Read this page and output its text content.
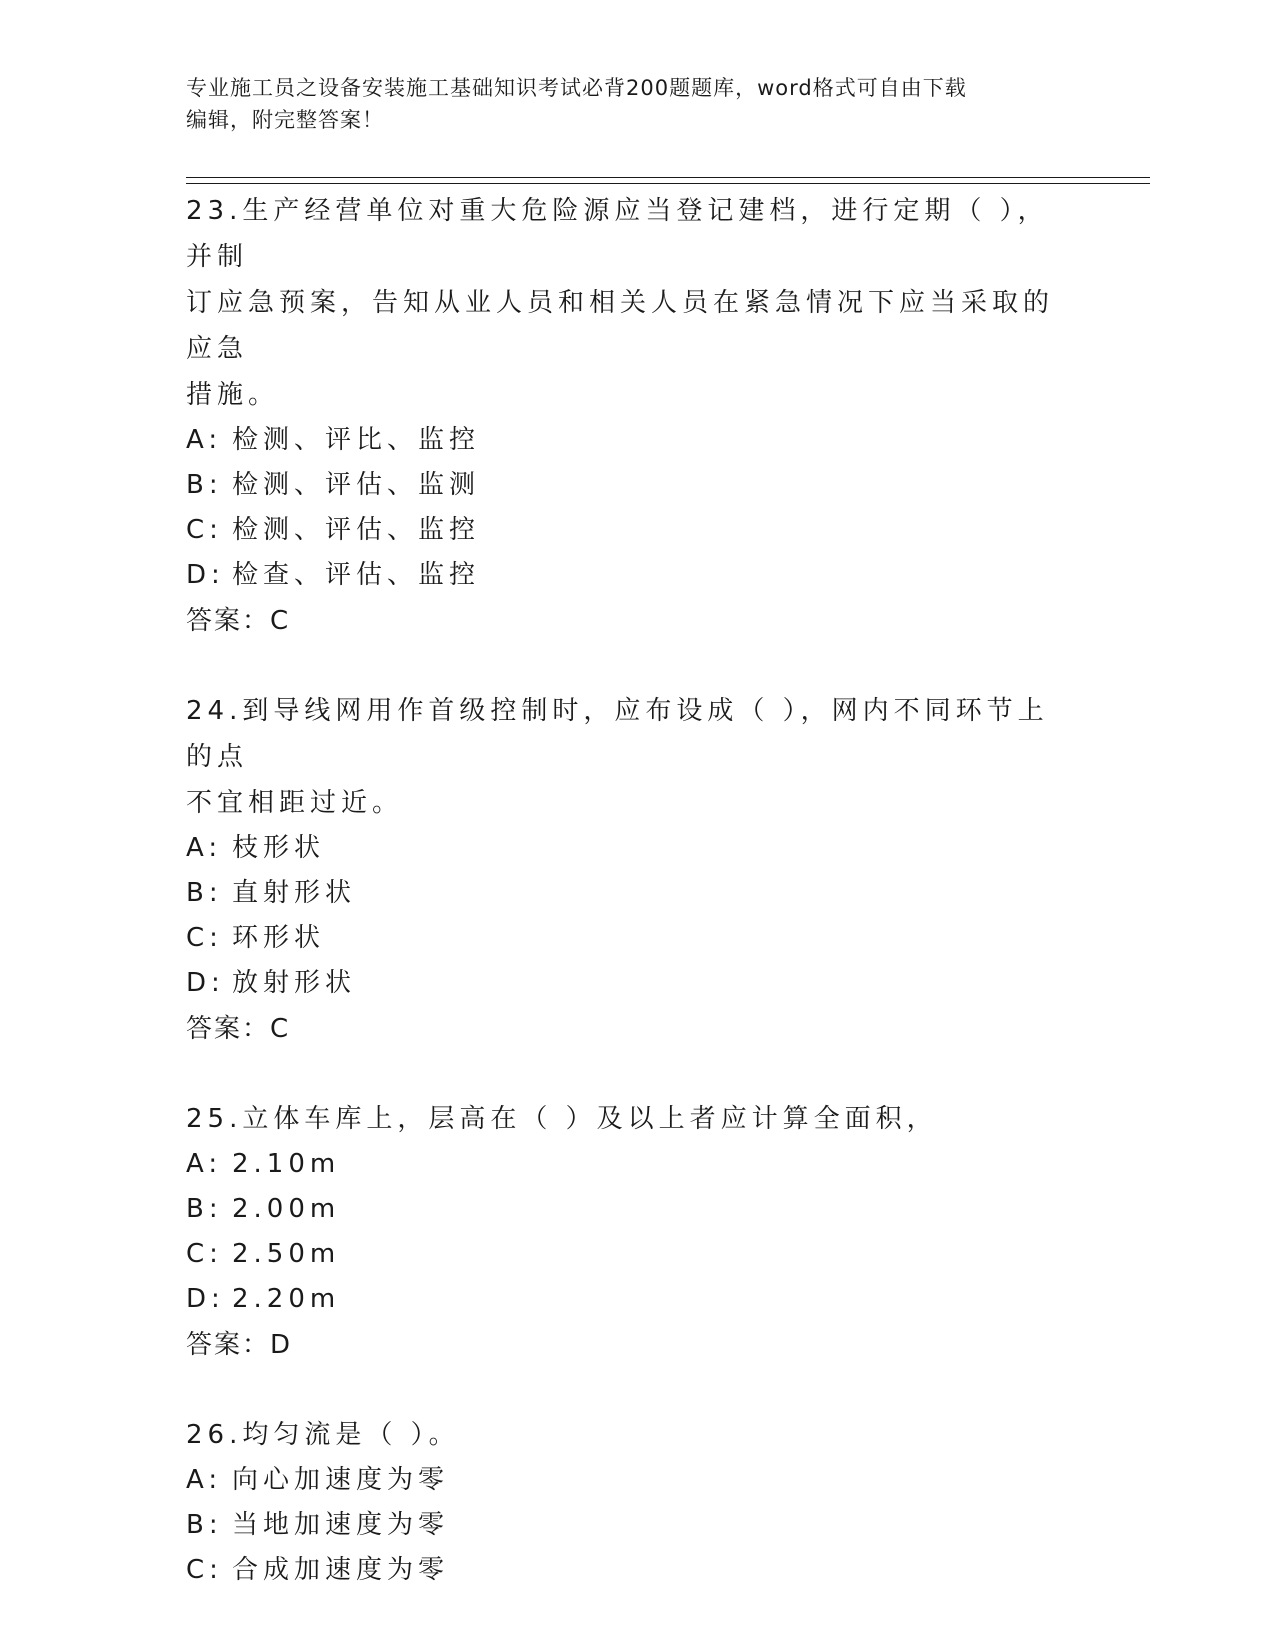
专业施工员之设备安装施工基础知识考试必背200题题库，word格式可自由下载
编辑，附完整答案！
23.生产经营单位对重大危险源应当登记建档，进行定期（ ），并制
订应急预案，告知从业人员和相关人员在紧急情况下应当采取的应急
措施。
A: 检测、评比、监控
B: 检测、评估、监测
C: 检测、评估、监控
D: 检查、评估、监控
答案：C
24.到导线网用作首级控制时，应布设成（ ），网内不同环节上的点
不宜相距过近。
A: 枝形状
B: 直射形状
C: 环形状
D: 放射形状
答案：C
25.立体车库上，层高在（ ）及以上者应计算全面积，
A: 2.10m
B: 2.00m
C: 2.50m
D: 2.20m
答案：D
26.均匀流是（ ）。
A: 向心加速度为零
B: 当地加速度为零
C: 合成加速度为零
